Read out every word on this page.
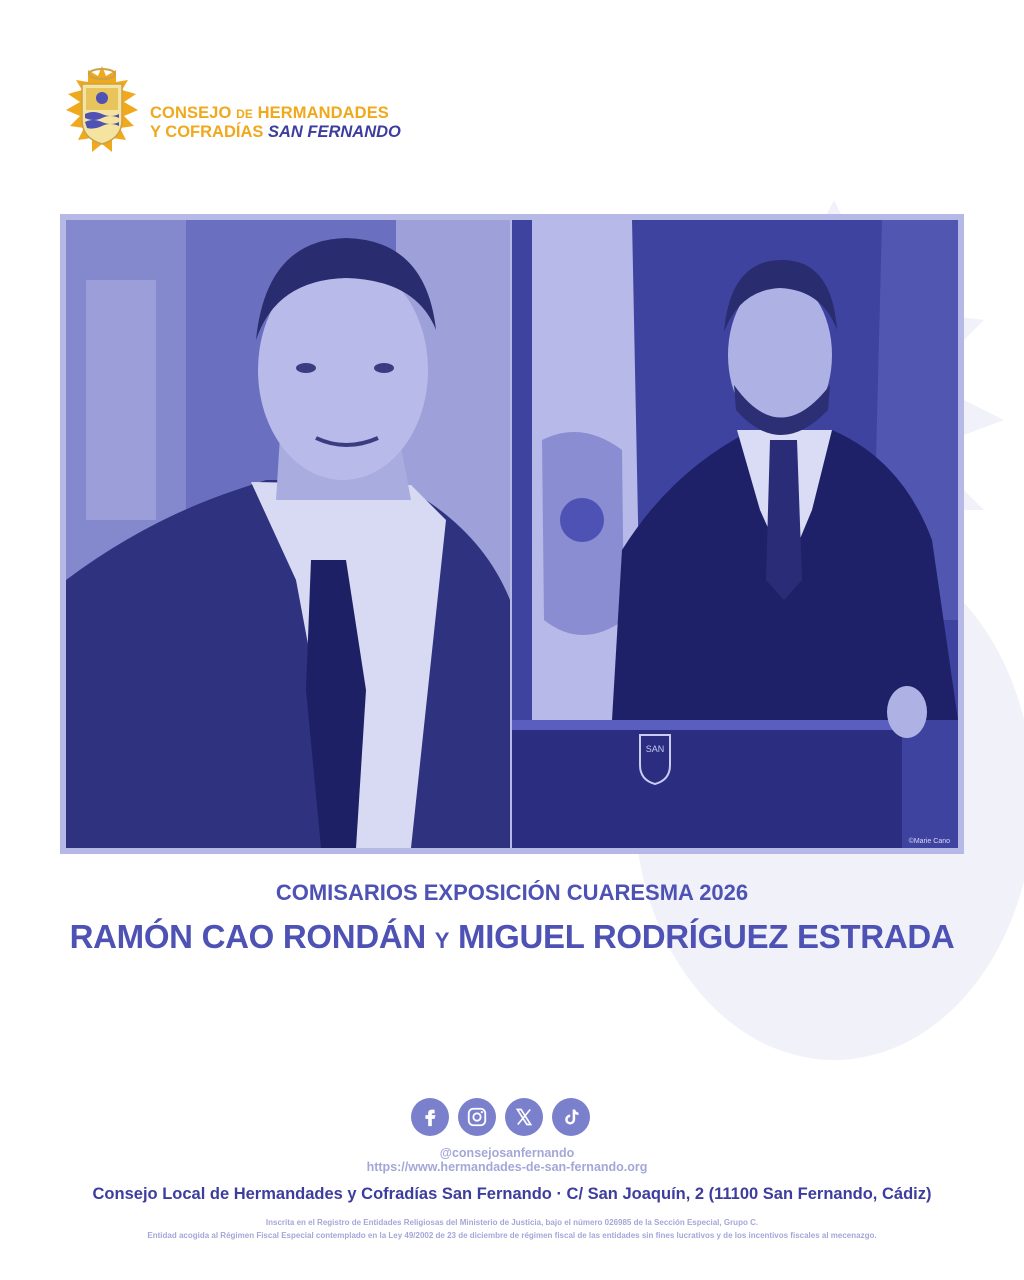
CONSEJO DE HERMANDADES
Y COFRADÍAS SAN FERNANDO
SAN
©Marie Cano
COMISARIOS EXPOSICIÓN CUARESMA 2026
RAMÓN CAO RONDÁN Y MIGUEL RODRÍGUEZ ESTRADA
@consejosanfernando
https://www.hermandades-de-san-fernando.org
Consejo Local de Hermandades y Cofradías San Fernando · C/ San Joaquín, 2 (11100 San Fernando, Cádiz)
Inscrita en el Registro de Entidades Religiosas del Ministerio de Justicia, bajo el número 026985 de la Sección Especial, Grupo C.
Entidad acogida al Régimen Fiscal Especial contemplado en la Ley 49/2002 de 23 de diciembre de régimen fiscal de las entidades sin fines lucrativos y de los incentivos fiscales al mecenazgo.
